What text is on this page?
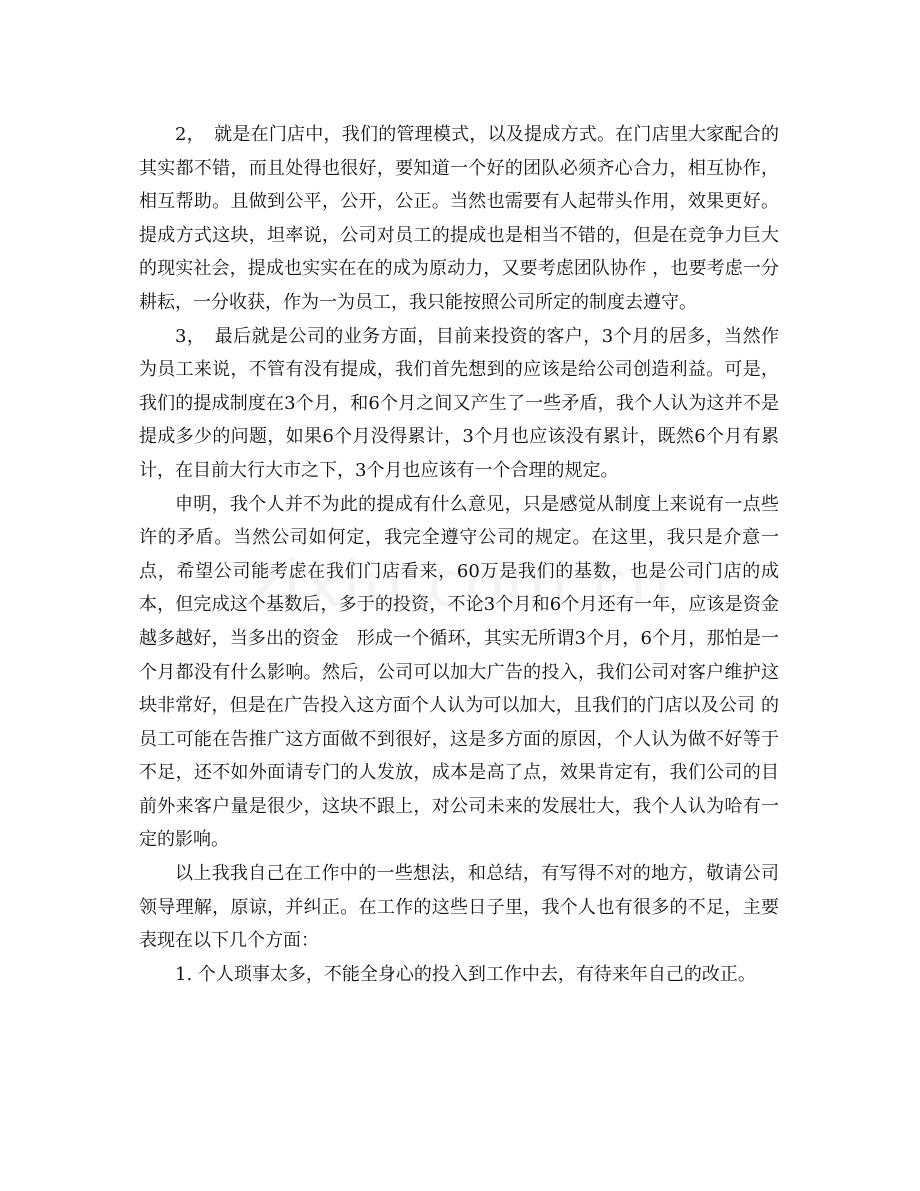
2，　就是在门店中，我们的管理模式，以及提成方式。在门店里大家配合的其实都不错，而且处得也很好，要知道一个好的团队必须齐心合力，相互协作，相互帮助。且做到公平，公开，公正。当然也需要有人起带头作用，效果更好。提成方式这块，坦率说，公司对员工的提成也是相当不错的，但是在竞争力巨大的现实社会，提成也实实在在的成为原动力，又要考虑团队协作 ，也要考虑一分耕耘，一分收获，作为一为员工，我只能按照公司所定的制度去遵守。

3，　最后就是公司的业务方面，目前来投资的客户，3个月的居多，当然作为员工来说，不管有没有提成，我们首先想到的应该是给公司创造利益。可是，我们的提成制度在3个月，和6个月之间又产生了一些矛盾，我个人认为这并不是提成多少的问题，如果6个月没得累计，3个月也应该没有累计，既然6个月有累计，在目前大行大市之下，3个月也应该有一个合理的规定。

申明，我个人并不为此的提成有什么意见，只是感觉从制度上来说有一点些许的矛盾。当然公司如何定，我完全遵守公司的规定。在这里，我只是介意一点，希望公司能考虑在我们门店看来，60万是我们的基数，也是公司门店的成本，但完成这个基数后，多于的投资，不论3个月和6个月还有一年，应该是资金越多越好，当多出的资金　形成一个循环，其实无所谓3个月，6个月，那怕是一个月都没有什么影响。然后，公司可以加大广告的投入，我们公司对客户维护这块非常好，但是在广告投入这方面个人认为可以加大，且我们的门店以及公司 的员工可能在告推广这方面做不到很好，这是多方面的原因，个人认为做不好等于不足，还不如外面请专门的人发放，成本是高了点，效果肯定有，我们公司的目前外来客户量是很少，这块不跟上，对公司未来的发展壮大，我个人认为哈有一定的影响。

以上我我自己在工作中的一些想法，和总结，有写得不对的地方，敬请公司领导理解，原谅，并纠正。在工作的这些日子里，我个人也有很多的不足，主要表现在以下几个方面：

1. 个人琐事太多，不能全身心的投入到工作中去，有待来年自己的改正。
